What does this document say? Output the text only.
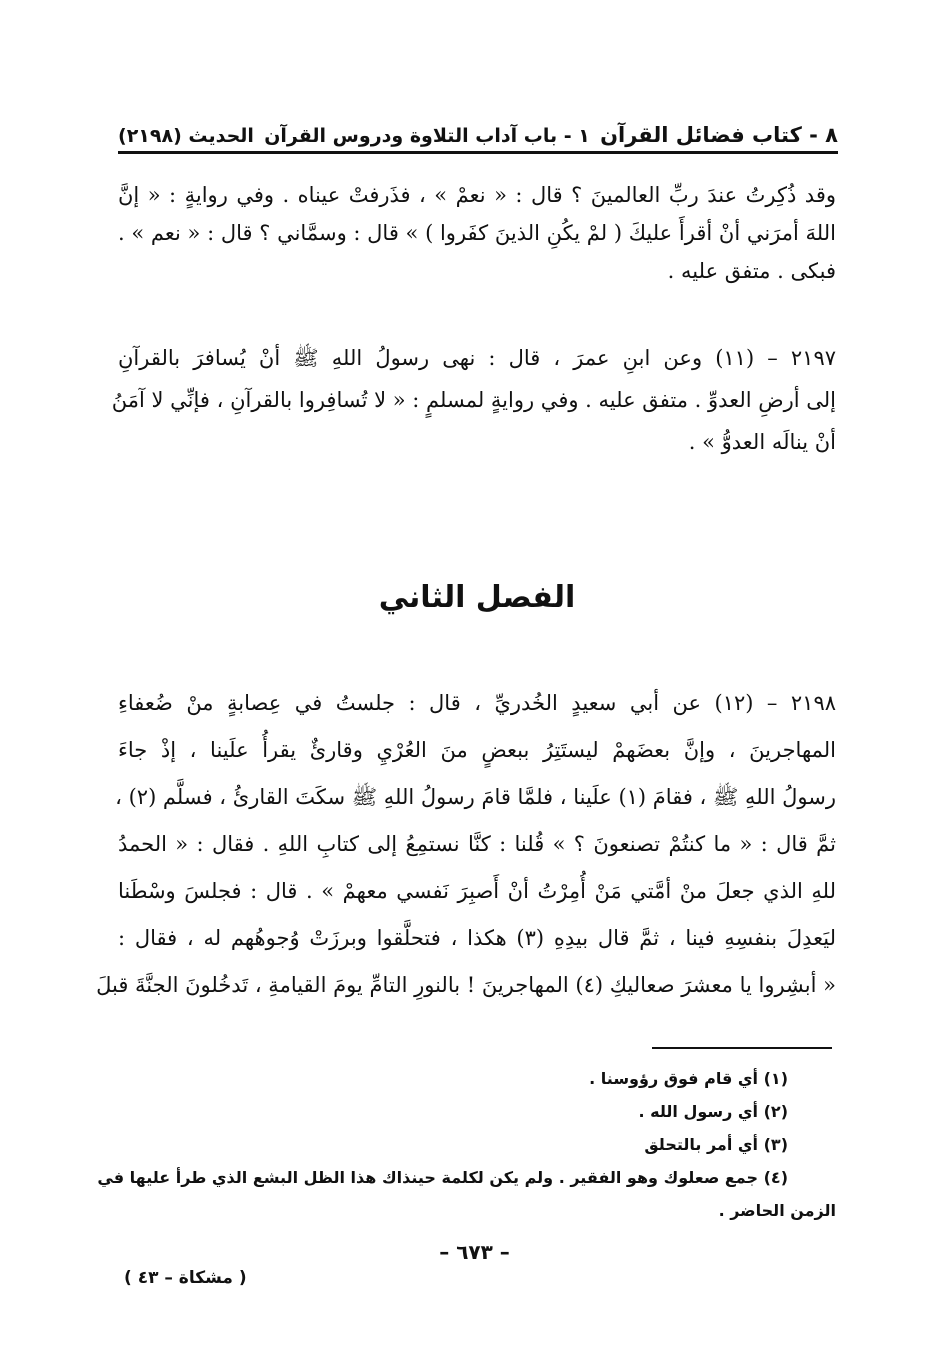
٨ - كتاب فضائل القرآن
١ - باب آداب التلاوة ودروس القرآن
الحديث (٢١٩٨)
وقد ذُكِرتُ عندَ ربِّ العالمينَ ؟ قال : « نعمْ » ، فذَرفتْ عيناه . وفي روايةٍ : « إنَّ
اللهَ أمرَني أنْ أقرأَ عليكَ ( لمْ يكُنِ الذينَ كفَروا ) » قال : وسمَّاني ؟ قال : « نعم » .
فبكى . متفق عليه .
٢١٩٧ – (١١) وعن ابنِ عمرَ ، قال : نهى رسولُ اللهِ ﷺ أنْ يُسافرَ بالقرآنِ
إلى أرضِ العدوِّ . متفق عليه . وفي روايةٍ لمسلمٍ : « لا تُسافِروا بالقرآنِ ، فإنِّي لا آمَنُ
أنْ ينالَه العدوُّ » .
الفصل الثاني
٢١٩٨ – (١٢) عن أبي سعيدٍ الخُدريِّ ، قال : جلستُ في عِصابةٍ منْ ضُعفاءِ
المهاجرينَ ، وإنَّ بعضَهمْ ليستَتِرُ ببعضٍ منَ العُرْيِ وقارئٌ يقرأُ علَينا ، إذْ جاءَ
رسولُ اللهِ ﷺ ، فقامَ (١) علَينا ، فلمَّا قامَ رسولُ اللهِ ﷺ سكَتَ القارئُ ، فسلَّم (٢) ،
ثمَّ قال : « ما كنتُمْ تصنعونَ ؟ » قُلنا : كنَّا نستمِعُ إلى كتابِ اللهِ . فقال : « الحمدُ
للهِ الذي جعلَ منْ أمَّتي مَنْ أُمِرْتُ أنْ أَصبِرَ نَفسي معهمْ » . قال : فجلسَ وسْطَنا
ليَعدِلَ بنفسِهِ فينا ، ثمَّ قال بيدِهِ (٣) هكذا ، فتحلَّقوا وبرزَتْ وُجوهُهم له ، فقال :
« أبشِروا يا معشرَ صعاليكِ (٤) المهاجرينَ ! بالنورِ التامِّ يومَ القيامةِ ، تَدخُلونَ الجنَّةَ قبلَ
(١) أي قام فوق رؤوسنا .
(٢) أي رسول الله .
(٣) أي أمر بالتحلق
(٤) جمع صعلوك وهو الفقير . ولم يكن لكلمة حينذاك هذا الظل البشع الذي طرأ عليها في
الزمن الحاضر .
– ٦٧٣ –
( مشكاة – ٤٣ )
